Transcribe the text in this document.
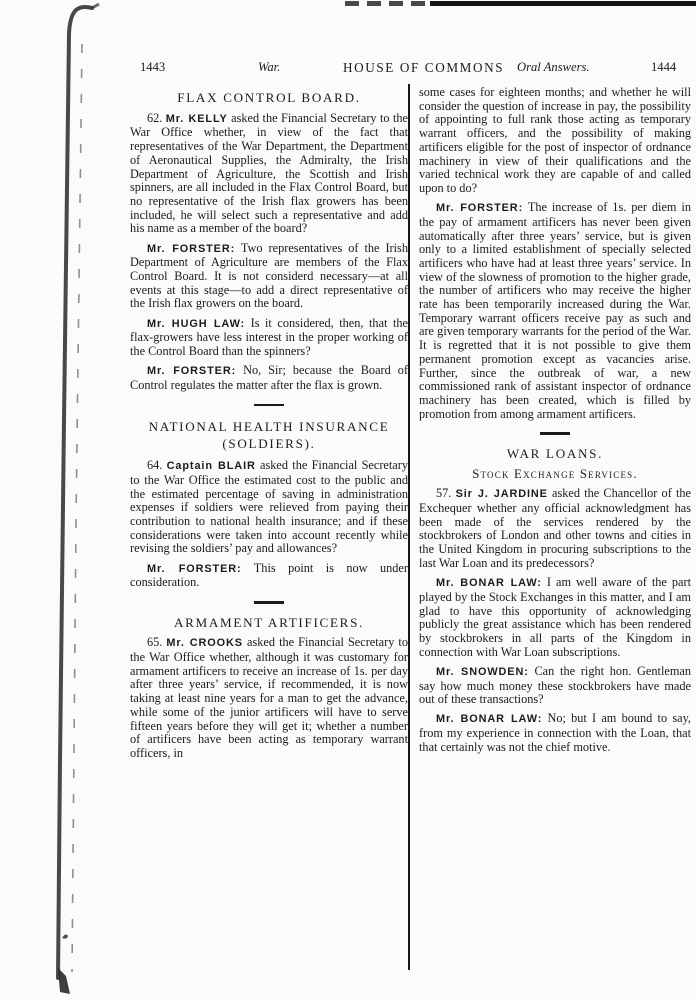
1443	War.	HOUSE OF COMMONS Oral Answers.	1444
FLAX CONTROL BOARD.

62. Mr. KELLY asked the Financial Secretary to the War Office whether, in view of the fact that representatives of the War Department, the Department of Aeronautical Supplies, the Admiralty, the Irish Department of Agriculture, the Scottish and Irish spinners, are all included in the Flax Control Board, but no representative of the Irish flax growers has been included, he will select such a representative and add his name as a member of the board?

Mr. FORSTER: Two representatives of the Irish Department of Agriculture are members of the Flax Control Board. It is not considerd necessary—at all events at this stage—to add a direct representative of the Irish flax growers on the board.

Mr. HUGH LAW: Is it considered, then, that the flax-growers have less interest in the proper working of the Control Board than the spinners?

Mr. FORSTER: No, Sir; because the Board of Control regulates the matter after the flax is grown.

NATIONAL HEALTH INSURANCE (SOLDIERS).

64. Captain BLAIR asked the Financial Secretary to the War Office the estimated cost to the public and the estimated percentage of saving in administration expenses if soldiers were relieved from paying their contribution to national health insurance; and if these considerations were taken into account recently while revising the soldiers’ pay and allowances?

Mr. FORSTER: This point is now under consideration.

ARMAMENT ARTIFICERS.

65. Mr. CROOKS asked the Financial Secretary to the War Office whether, although it was customary for armament artificers to receive an increase of 1s. per day after three years’ service, if recommended, it is now taking at least nine years for a man to get the advance, while some of the junior artificers will have to serve fifteen years before they will get it; whether a number of artificers have been acting as temporary warrant officers, in

some cases for eighteen months; and whether he will consider the question of increase in pay, the possibility of appointing to full rank those acting as temporary warrant officers, and the possibility of making artificers eligible for the post of inspector of ordnance machinery in view of their qualifications and the varied technical work they are capable of and called upon to do?

Mr. FORSTER: The increase of 1s. per diem in the pay of armament artificers has never been given automatically after three years’ service, but is given only to a limited establishment of specially selected artificers who have had at least three years’ service. In view of the slowness of promotion to the higher grade, the number of artificers who may receive the higher rate has been temporarily increased during the War. Temporary warrant officers receive pay as such and are given temporary warrants for the period of the War. It is regretted that it is not possible to give them permanent promotion except as vacancies arise. Further, since the outbreak of war, a new commissioned rank of assistant inspector of ordnance machinery has been created, which is filled by promotion from among armament artificers.

WAR LOANS.
Stock Exchange Services.

57. Sir J. JARDINE asked the Chancellor of the Exchequer whether any official acknowledgment has been made of the services rendered by the stockbrokers of London and other towns and cities in the United Kingdom in procuring subscriptions to the last War Loan and its predecessors?

Mr. BONAR LAW: I am well aware of the part played by the Stock Exchanges in this matter, and I am glad to have this opportunity of acknowledging publicly the great assistance which has been rendered by stockbrokers in all parts of the Kingdom in connection with War Loan subscriptions.

Mr. SNOWDEN: Can the right hon. Gentleman say how much money these stockbrokers have made out of these transactions?

Mr. BONAR LAW: No; but I am bound to say, from my experience in connection with the Loan, that that certainly was not the chief motive.
